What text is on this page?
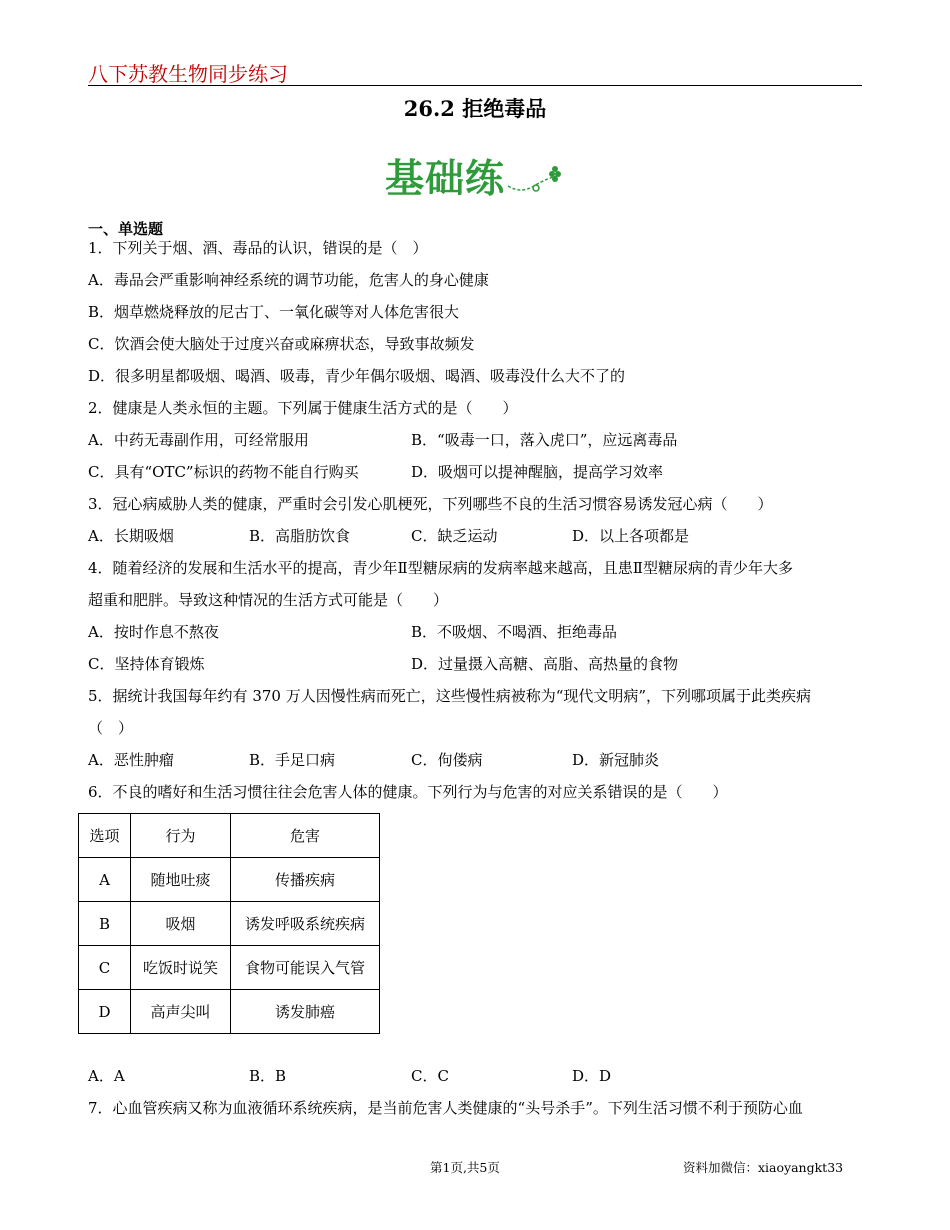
八下苏教生物同步练习
26.2 拒绝毒品
基础练
一、单选题
1．下列关于烟、酒、毒品的认识，错误的是（　）
A．毒品会严重影响神经系统的调节功能，危害人的身心健康
B．烟草燃烧释放的尼古丁、一氧化碳等对人体危害很大
C．饮酒会使大脑处于过度兴奋或麻痹状态，导致事故频发
D．很多明星都吸烟、喝酒、吸毒，青少年偶尔吸烟、喝酒、吸毒没什么大不了的
2．健康是人类永恒的主题。下列属于健康生活方式的是（　　）
A．中药无毒副作用，可经常服用	B．“吸毒一口，落入虎口”，应远离毒品
C．具有“OTC”标识的药物不能自行购买	D．吸烟可以提神醒脑，提高学习效率
3．冠心病威胁人类的健康，严重时会引发心肌梗死，下列哪些不良的生活习惯容易诱发冠心病（　　）
A．长期吸烟	B．高脂肪饮食	C．缺乏运动	D．以上各项都是
4．随着经济的发展和生活水平的提高，青少年Ⅱ型糖尿病的发病率越来越高，且患Ⅱ型糖尿病的青少年大多
超重和肥胖。导致这种情况的生活方式可能是（　　）
A．按时作息不熬夜	B．不吸烟、不喝酒、拒绝毒品
C．坚持体育锻炼	D．过量摄入高糖、高脂、高热量的食物
5．据统计我国每年约有 370 万人因慢性病而死亡，这些慢性病被称为“现代文明病”，下列哪项属于此类疾病
（　）
A．恶性肿瘤	B．手足口病	C．佝偻病	D．新冠肺炎
6．不良的嗜好和生活习惯往往会危害人体的健康。下列行为与危害的对应关系错误的是（　　）
选项	行为	危害
A	随地吐痰	传播疾病
B	吸烟	诱发呼吸系统疾病
C	吃饭时说笑	食物可能误入气管
D	高声尖叫	诱发肺癌
A．A	B．B	C．C	D．D
7．心血管疾病又称为血液循环系统疾病，是当前危害人类健康的“头号杀手”。下列生活习惯不利于预防心血
第1页,共5页	资料加微信：xiaoyangkt33
